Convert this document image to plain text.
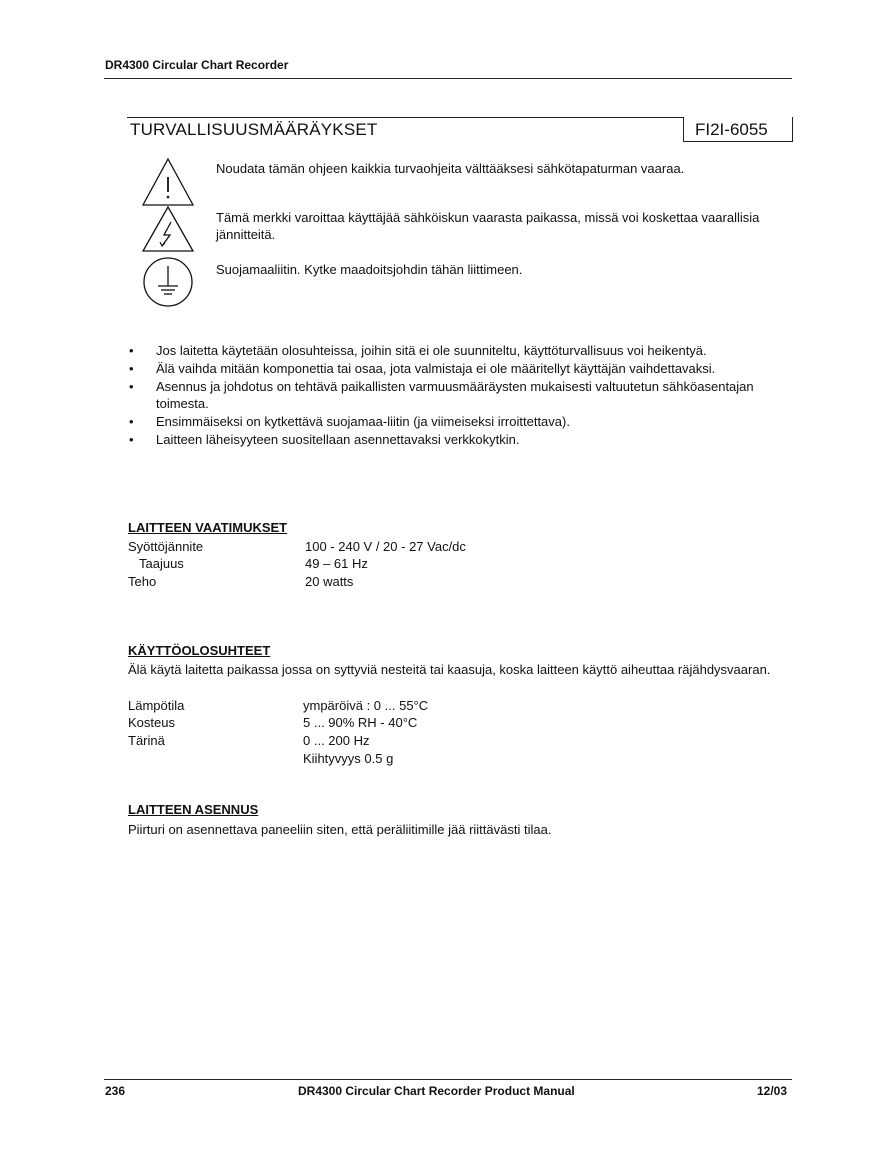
DR4300 Circular Chart Recorder
TURVALLISUUSMÄÄRÄYKSET	FI2I-6055
Noudata tämän ohjeen kaikkia turvaohjeita välttääksesi sähkötapaturman vaaraa.
Tämä merkki varoittaa käyttäjää sähköiskun vaarasta paikassa, missä voi koskettaa vaarallisia jännitteitä.
Suojamaaliitin. Kytke maadoitsjohdin tähän liittimeen.
• Jos laitetta käytetään olosuhteissa, joihin sitä ei ole suunniteltu, käyttöturvallisuus voi heikentyä.
• Älä vaihda mitään komponettia tai osaa, jota valmistaja ei ole määritellyt käyttäjän vaihdettavaksi.
• Asennus ja johdotus on tehtävä paikallisten varmuusmääräysten mukaisesti valtuutetun sähköasentajan toimesta.
• Ensimmäiseksi on kytkettävä suojamaa-liitin (ja viimeiseksi irroittettava).
• Laitteen läheisyyteen suositellaan asennettavaksi verkkokytkin.
LAITTEEN VAATIMUKSET
Syöttöjännite	100 - 240 V / 20 - 27 Vac/dc
Taajuus	49 – 61 Hz
Teho	20 watts
KÄYTTÖOLOSUHTEET
Älä käytä laitetta paikassa jossa on syttyviä nesteitä tai kaasuja, koska laitteen käyttö aiheuttaa räjähdysvaaran.
Lämpötila	ympäröivä : 0 ... 55°C
Kosteus	5 ... 90% RH - 40°C
Tärinä	0 ... 200 Hz
Kiihtyvyys 0.5 g
LAITTEEN ASENNUS
Piirturi on asennettava paneeliin siten, että peräliitimille jää riittävästi tilaa.
236	DR4300 Circular Chart Recorder Product Manual	12/03
